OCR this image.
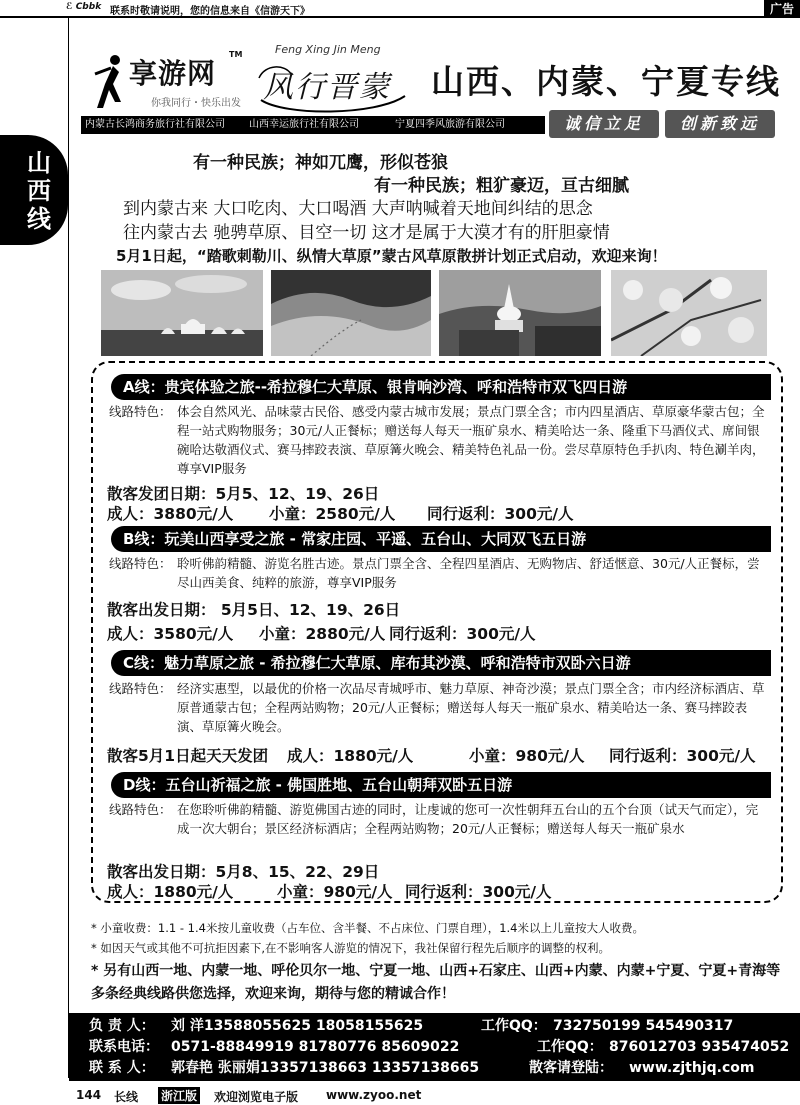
ℰ Cbbk 联系时敬请说明，您的信息来自《信游天下》	广告
山西线
享游网
TM
你我同行・快乐出发
Feng Xing Jin Meng
风行晋蒙 山西、内蒙、宁夏专线
内蒙古长鸿商务旅行社有限公司 山西幸运旅行社有限公司	宁夏四季风旅游有限公司	诚信立足	创新致远
有一种民族；神如兀鹰，形似苍狼
有一种民族；粗犷豪迈，亘古细腻
到内蒙古来 大口吃肉、大口喝酒 大声呐喊着天地间纠结的思念
往内蒙古去 驰骋草原、目空一切 这才是属于大漠才有的肝胆豪情
5月1日起，“踏歌刺勒川、纵情大草原”蒙古风草原散拼计划正式启动，欢迎来询！
A线：贵宾体验之旅--希拉穆仁大草原、银肯响沙湾、呼和浩特市双飞四日游
线路特色： 体会自然风光、品味蒙古民俗、感受内蒙古城市发展；景点门票全含；市内四星酒店、草原豪华蒙古包；全程一站式购物服务；30元/人正餐标；赠送每人每天一瓶矿泉水、精美哈达一条、隆重下马酒仪式、席间银碗哈达敬酒仪式、赛马摔跤表演、草原篝火晚会、精美特色礼品一份。尝尽草原特色手扒肉、特色涮羊肉，尊享VIP服务
散客发团日期：5月5、12、19、26日
成人：3880元/人 小童：2580元/人 同行返利：300元/人
B线：玩美山西享受之旅 - 常家庄园、平遥、五台山、大同双飞五日游
线路特色： 聆听佛韵精髓、游览名胜古迹。景点门票全含、全程四星酒店、无购物店、舒适惬意、30元/人正餐标，尝尽山西美食、纯粹的旅游，尊享VIP服务
散客出发日期： 5月5日、12、19、26日
成人：3580元/人 小童：2880元/人 同行返利：300元/人
C线：魅力草原之旅 - 希拉穆仁大草原、库布其沙漠、呼和浩特市双卧六日游
线路特色： 经济实惠型，以最优的价格一次品尽青城呼市、魅力草原、神奇沙漠；景点门票全含；市内经济标酒店、草原普通蒙古包；全程两站购物；20元/人正餐标；赠送每人每天一瓶矿泉水、精美哈达一条、赛马摔跤表演、草原篝火晚会。
散客5月1日起天天发团 成人：1880元/人	小童：980元/人 同行返利：300元/人
D线：五台山祈福之旅 - 佛国胜地、五台山朝拜双卧五日游
线路特色： 在您聆听佛韵精髓、游览佛国古迹的同时，让虔诚的您可一次性朝拜五台山的五个台顶（试天气而定），完成一次大朝台；景区经济标酒店；全程两站购物；20元/人正餐标；赠送每人每天一瓶矿泉水
散客出发日期：5月8、15、22、29日
成人：1880元/人	小童：980元/人 同行返利：300元/人
* 小童收费：1.1 - 1.4米按儿童收费（占车位、含半餐、不占床位、门票自理），1.4米以上儿童按大人收费。
* 如因天气或其他不可抗拒因素下,在不影响客人游览的情况下，我社保留行程先后顺序的调整的权利。
* 另有山西一地、内蒙一地、呼伦贝尔一地、宁夏一地、山西+石家庄、山西+内蒙、内蒙+宁夏、宁夏+青海等多条经典线路供您选择，欢迎来询，期待与您的精诚合作！
负 责 人： 刘 洋13588055625 18058155625	工作QQ： 732750199 545490317
联系电话： 0571-88849919 81780776 85609022	工作QQ： 876012703 935474052
联 系 人： 郭春艳 张丽娟13357138663 13357138665	散客请登陆： www.zjthjq.com
144 长线 浙江版 欢迎浏览电子版 www.zyoo.net
